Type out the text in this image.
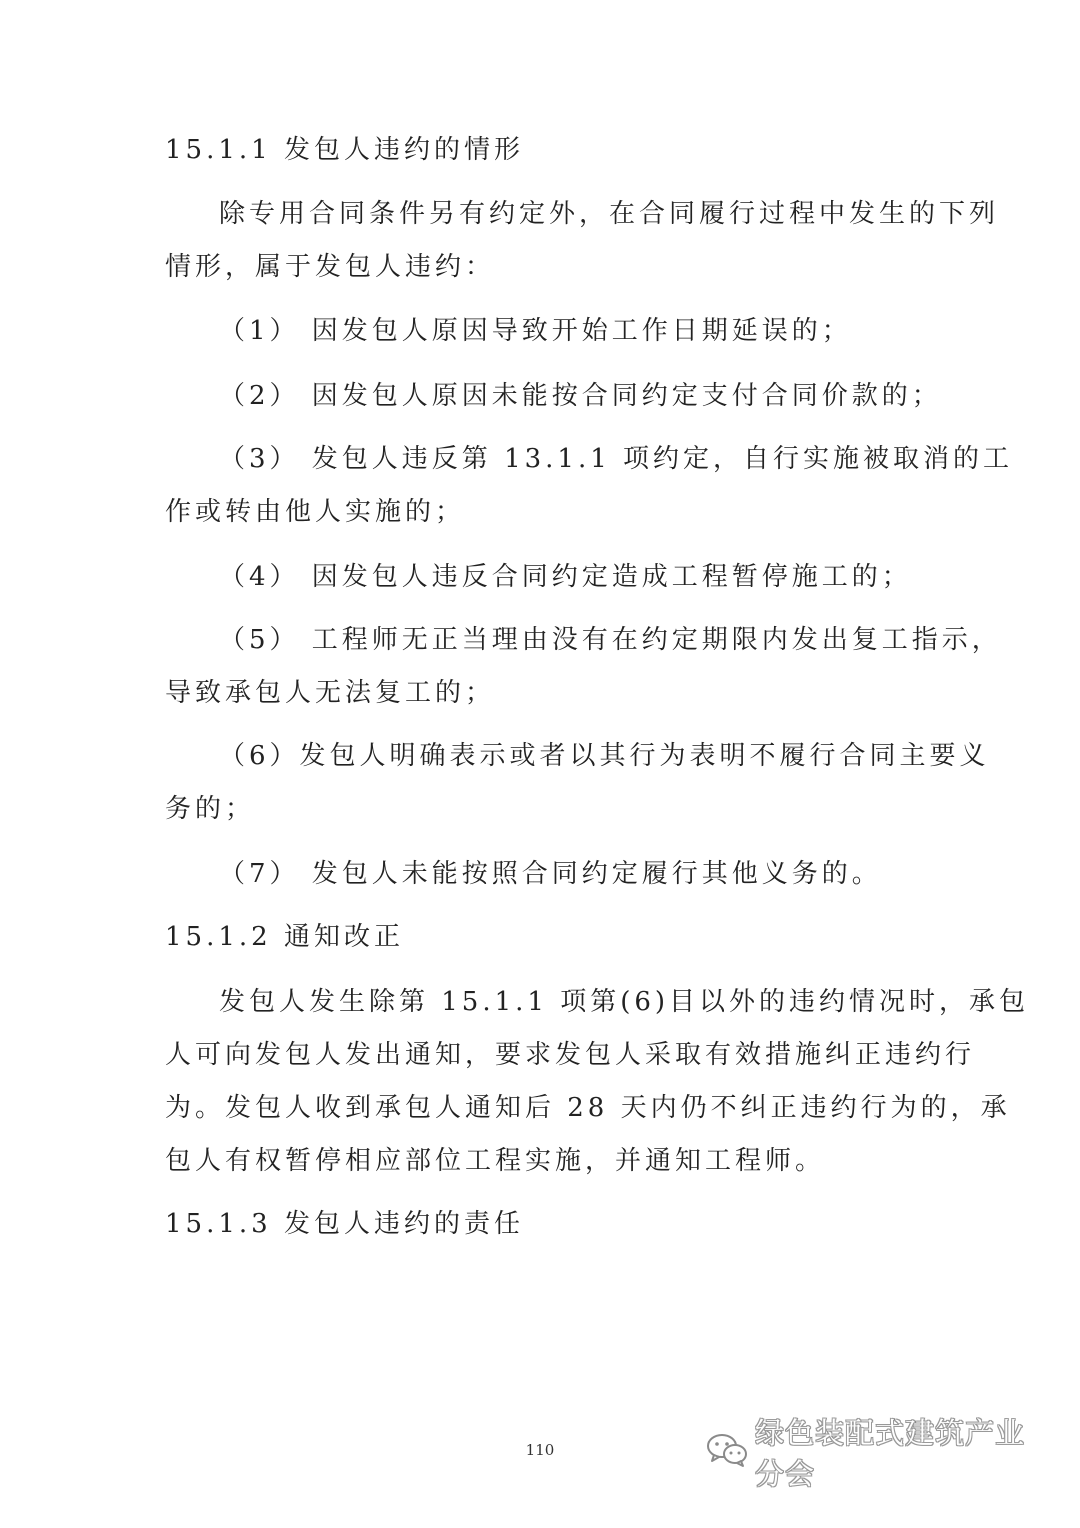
15.1.1 发包人违约的情形
除专用合同条件另有约定外，在合同履行过程中发生的下列
情形，属于发包人违约：
（1） 因发包人原因导致开始工作日期延误的；
（2） 因发包人原因未能按合同约定支付合同价款的；
（3） 发包人违反第 13.1.1 项约定，自行实施被取消的工
作或转由他人实施的；
（4） 因发包人违反合同约定造成工程暂停施工的；
（5） 工程师无正当理由没有在约定期限内发出复工指示，
导致承包人无法复工的；
（6）发包人明确表示或者以其行为表明不履行合同主要义
务的；
（7） 发包人未能按照合同约定履行其他义务的。
15.1.2 通知改正
发包人发生除第 15.1.1 项第(6)目以外的违约情况时，承包
人可向发包人发出通知，要求发包人采取有效措施纠正违约行
为。发包人收到承包人通知后 28 天内仍不纠正违约行为的，承
包人有权暂停相应部位工程实施，并通知工程师。
15.1.3 发包人违约的责任
110	绿色装配式建筑产业分会
